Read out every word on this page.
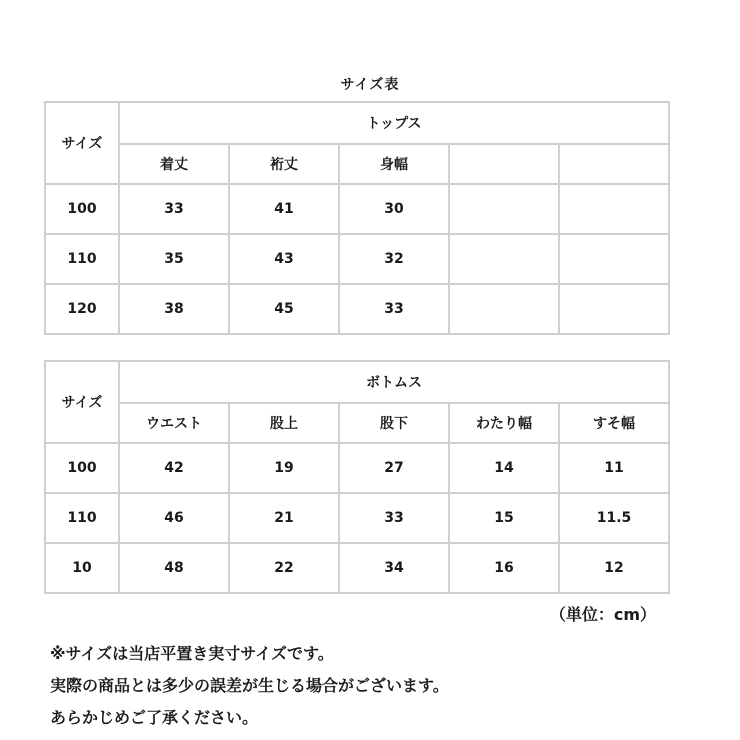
サイズ表
サイズ	トップス				
	着丈	裄丈	身幅		
100	33	41	30		
110	35	43	32		
120	38	45	33		
サイズ	ボトムス				
	ウエスト	股上	股下	わたり幅	すそ幅
100	42	19	27	14	11
110	46	21	33	15	11.5
10	48	22	34	16	12
（単位：cm）
※サイズは当店平置き実寸サイズです。
実際の商品とは多少の誤差が生じる場合がございます。
あらかじめご了承ください。
